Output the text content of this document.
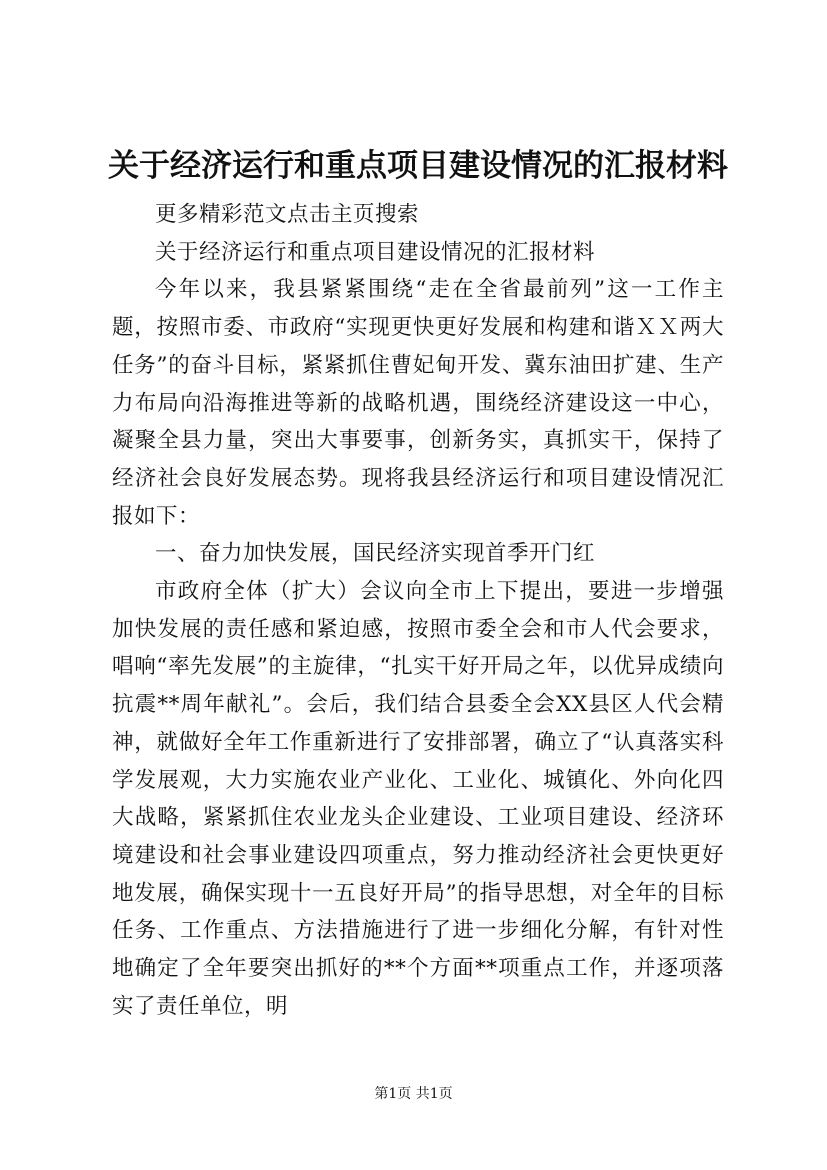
关于经济运行和重点项目建设情况的汇报材料

更多精彩范文点击主页搜索

关于经济运行和重点项目建设情况的汇报材料

今年以来，我县紧紧围绕“走在全省最前列”这一工作主题，按照市委、市政府“实现更快更好发展和构建和谐ＸＸ两大任务”的奋斗目标，紧紧抓住曹妃甸开发、冀东油田扩建、生产力布局向沿海推进等新的战略机遇，围绕经济建设这一中心，凝聚全县力量，突出大事要事，创新务实，真抓实干，保持了经济社会良好发展态势。现将我县经济运行和项目建设情况汇报如下：

一、奋力加快发展，国民经济实现首季开门红

市政府全体（扩大）会议向全市上下提出，要进一步增强加快发展的责任感和紧迫感，按照市委全会和市人代会要求，唱响“率先发展”的主旋律，“扎实干好开局之年，以优异成绩向抗震**周年献礼”。会后，我们结合县委全会XX县区人代会精神，就做好全年工作重新进行了安排部署，确立了“认真落实科学发展观，大力实施农业产业化、工业化、城镇化、外向化四大战略，紧紧抓住农业龙头企业建设、工业项目建设、经济环境建设和社会事业建设四项重点，努力推动经济社会更快更好地发展，确保实现十一五良好开局”的指导思想，对全年的目标任务、工作重点、方法措施进行了进一步细化分解，有针对性地确定了全年要突出抓好的**个方面**项重点工作，并逐项落实了责任单位，明

第1页 共1页
